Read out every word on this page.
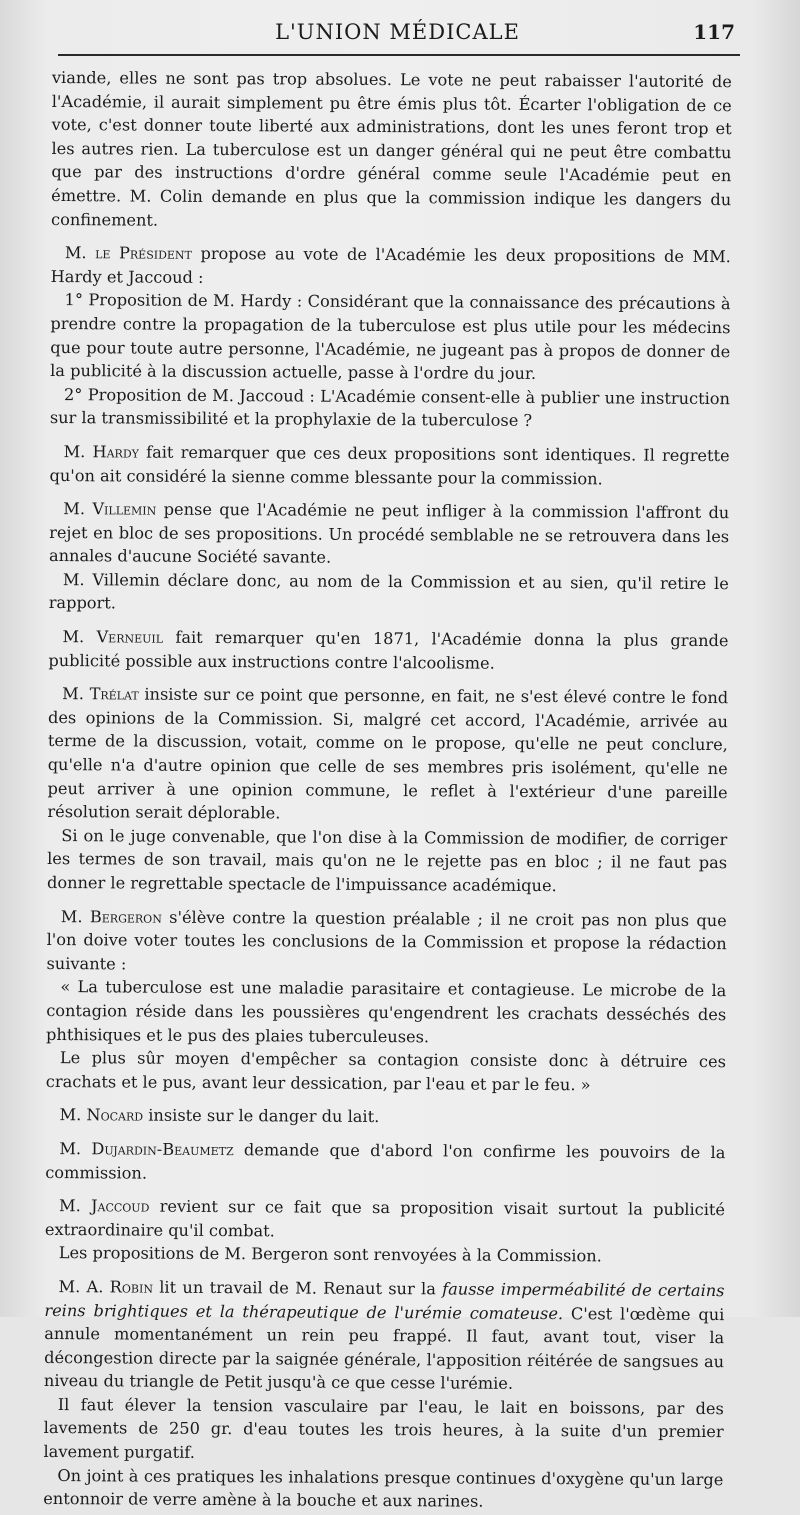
L'UNION MÉDICALE	117

viande, elles ne sont pas trop absolues. Le vote ne peut rabaisser l'autorité de l'Académie, il aurait simplement pu être émis plus tôt. Écarter l'obligation de ce vote, c'est donner toute liberté aux administrations, dont les unes feront trop et les autres rien. La tuberculose est un danger général qui ne peut être combattu que par des instructions d'ordre général comme seule l'Académie peut en émettre. M. Colin demande en plus que la commission indique les dangers du confinement.

M. le Président propose au vote de l'Académie les deux propositions de MM. Hardy et Jaccoud :

1° Proposition de M. Hardy : Considérant que la connaissance des précautions à prendre contre la propagation de la tuberculose est plus utile pour les médecins que pour toute autre personne, l'Académie, ne jugeant pas à propos de donner de la publicité à la discussion actuelle, passe à l'ordre du jour.

2° Proposition de M. Jaccoud : L'Académie consent-elle à publier une instruction sur la transmissibilité et la prophylaxie de la tuberculose ?

M. Hardy fait remarquer que ces deux propositions sont identiques. Il regrette qu'on ait considéré la sienne comme blessante pour la commission.

M. Villemin pense que l'Académie ne peut infliger à la commission l'affront du rejet en bloc de ses propositions. Un procédé semblable ne se retrouvera dans les annales d'aucune Société savante.

M. Villemin déclare donc, au nom de la Commission et au sien, qu'il retire le rapport.

M. Verneuil fait remarquer qu'en 1871, l'Académie donna la plus grande publicité possible aux instructions contre l'alcoolisme.

M. Trélat insiste sur ce point que personne, en fait, ne s'est élevé contre le fond des opinions de la Commission. Si, malgré cet accord, l'Académie, arrivée au terme de la discussion, votait, comme on le propose, qu'elle ne peut conclure, qu'elle n'a d'autre opinion que celle de ses membres pris isolément, qu'elle ne peut arriver à une opinion commune, le reflet à l'extérieur d'une pareille résolution serait déplorable.

Si on le juge convenable, que l'on dise à la Commission de modifier, de corriger les termes de son travail, mais qu'on ne le rejette pas en bloc ; il ne faut pas donner le regrettable spectacle de l'impuissance académique.

M. Bergeron s'élève contre la question préalable ; il ne croit pas non plus que l'on doive voter toutes les conclusions de la Commission et propose la rédaction suivante :

« La tuberculose est une maladie parasitaire et contagieuse. Le microbe de la contagion réside dans les poussières qu'engendrent les crachats desséchés des phthisiques et le pus des plaies tuberculeuses.

Le plus sûr moyen d'empêcher sa contagion consiste donc à détruire ces crachats et le pus, avant leur dessication, par l'eau et par le feu. »

M. Nocard insiste sur le danger du lait.

M. Dujardin-Beaumetz demande que d'abord l'on confirme les pouvoirs de la commission.

M. Jaccoud revient sur ce fait que sa proposition visait surtout la publicité extraordinaire qu'il combat.

Les propositions de M. Bergeron sont renvoyées à la Commission.

M. A. Robin lit un travail de M. Renaut sur la fausse imperméabilité de certains reins brightiques et la thérapeutique de l'urémie comateuse. C'est l'œdème qui annule momentanément un rein peu frappé. Il faut, avant tout, viser la décongestion directe par la saignée générale, l'apposition réitérée de sangsues au niveau du triangle de Petit jusqu'à ce que cesse l'urémie.

Il faut élever la tension vasculaire par l'eau, le lait en boissons, par des lavements de 250 gr. d'eau toutes les trois heures, à la suite d'un premier lavement purgatif.

On joint à ces pratiques les inhalations presque continues d'oxygène qu'un large entonnoir de verre amène à la bouche et aux narines.
